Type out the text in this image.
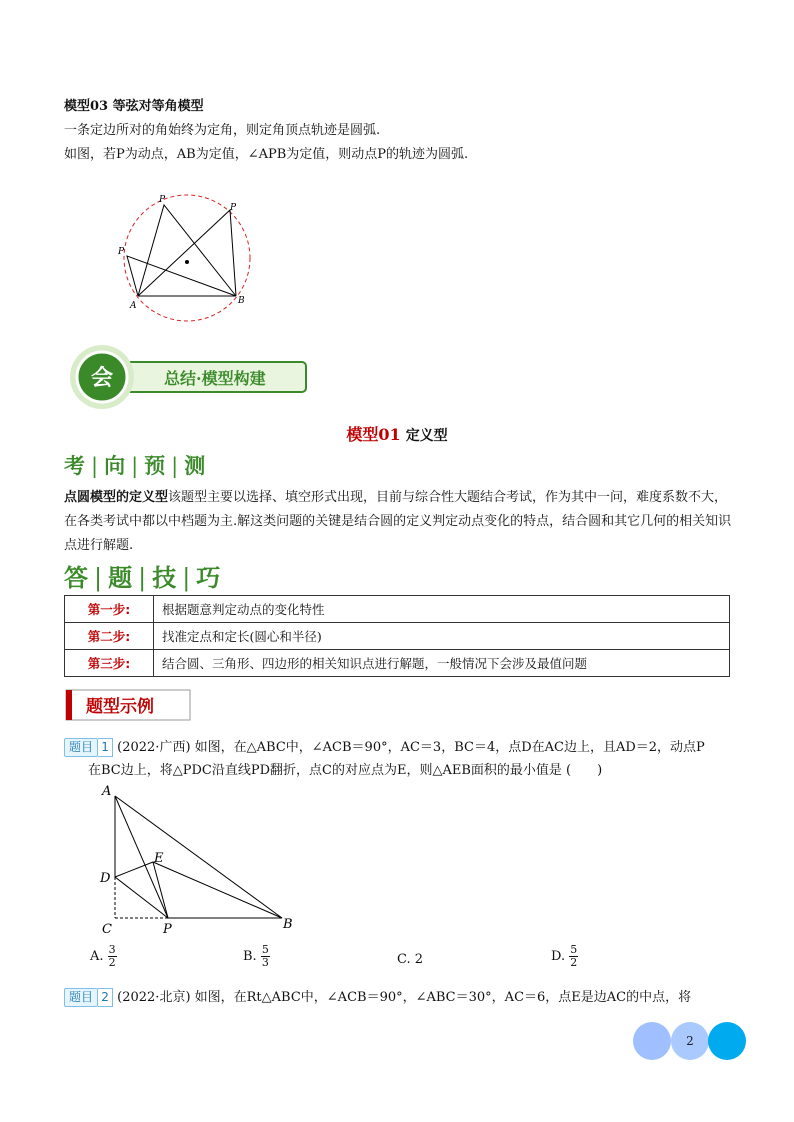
模型03 等弦对等角模型
一条定边所对的角始终为定角，则定角顶点轨迹是圆弧.
如图，若P为动点，AB为定值，∠APB为定值，则动点P的轨迹为圆弧.
P
P
P
A	B
会	总结·模型构建
模型01 定义型
考 | 向 | 预 | 测
点圆模型的定义型该题型主要以选择、填空形式出现，目前与综合性大题结合考试，作为其中一问，难度系数不大，在各类考试中都以中档题为主.解这类问题的关键是结合圆的定义判定动点变化的特点，结合圆和其它几何的相关知识点进行解题.
答 | 题 | 技 | 巧
第一步:	根据题意判定动点的变化特性
第二步:	找准定点和定长(圆心和半径)
第三步:	结合圆、三角形、四边形的相关知识点进行解题，一般情况下会涉及最值问题
题型示例
题目 1 (2022·广西) 如图，在△ABC中，∠ACB＝90°，AC＝3，BC＝4，点D在AC边上，且AD＝2，动点P
在BC边上，将△PDC沿直线PD翻折，点C的对应点为E，则△AEB面积的最小值是 (　　)
A
D
E
C	P	B
A. $\frac{3}{2}$	B. $\frac{5}{3}$	C. 2	D. $\frac{5}{2}$
题目 2 (2022·北京) 如图，在Rt△ABC中，∠ACB＝90°，∠ABC＝30°，AC＝6，点E是边AC的中点，将
2
